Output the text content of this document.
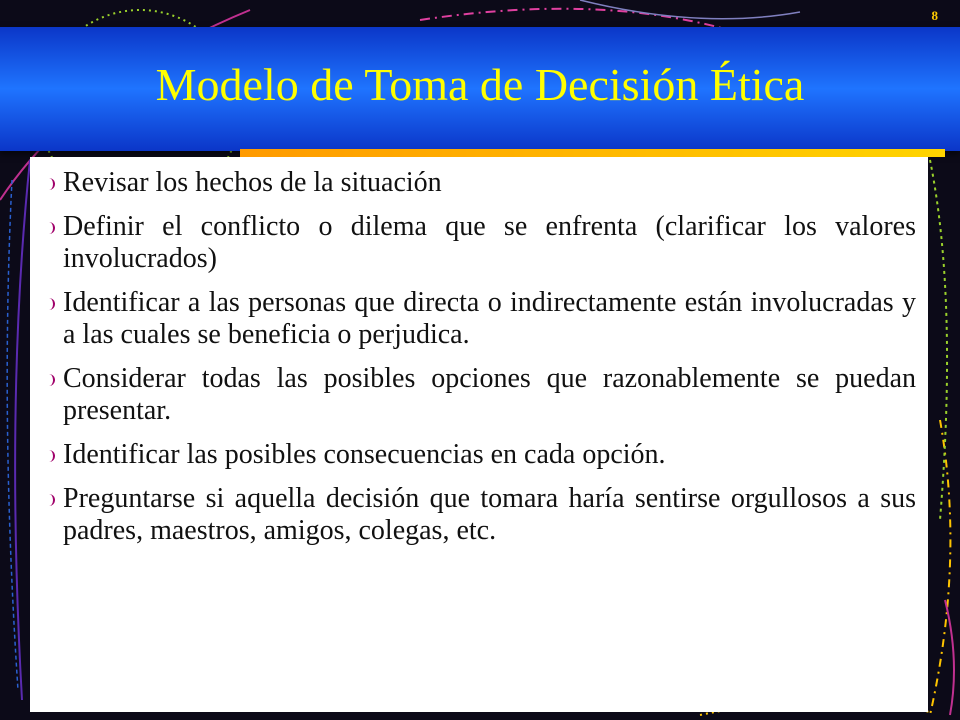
8
Modelo de Toma de Decisión Ética
Revisar los hechos de la situación
Definir el conflicto o dilema que se enfrenta (clarificar los valores involucrados)
Identificar a las personas que directa o indirectamente están involucradas y a las cuales se beneficia o perjudica.
Considerar todas las posibles opciones que razonablemente se puedan presentar.
Identificar las posibles consecuencias en cada opción.
Preguntarse si aquella decisión que tomara haría sentirse orgullosos a sus padres, maestros, amigos, colegas, etc.
